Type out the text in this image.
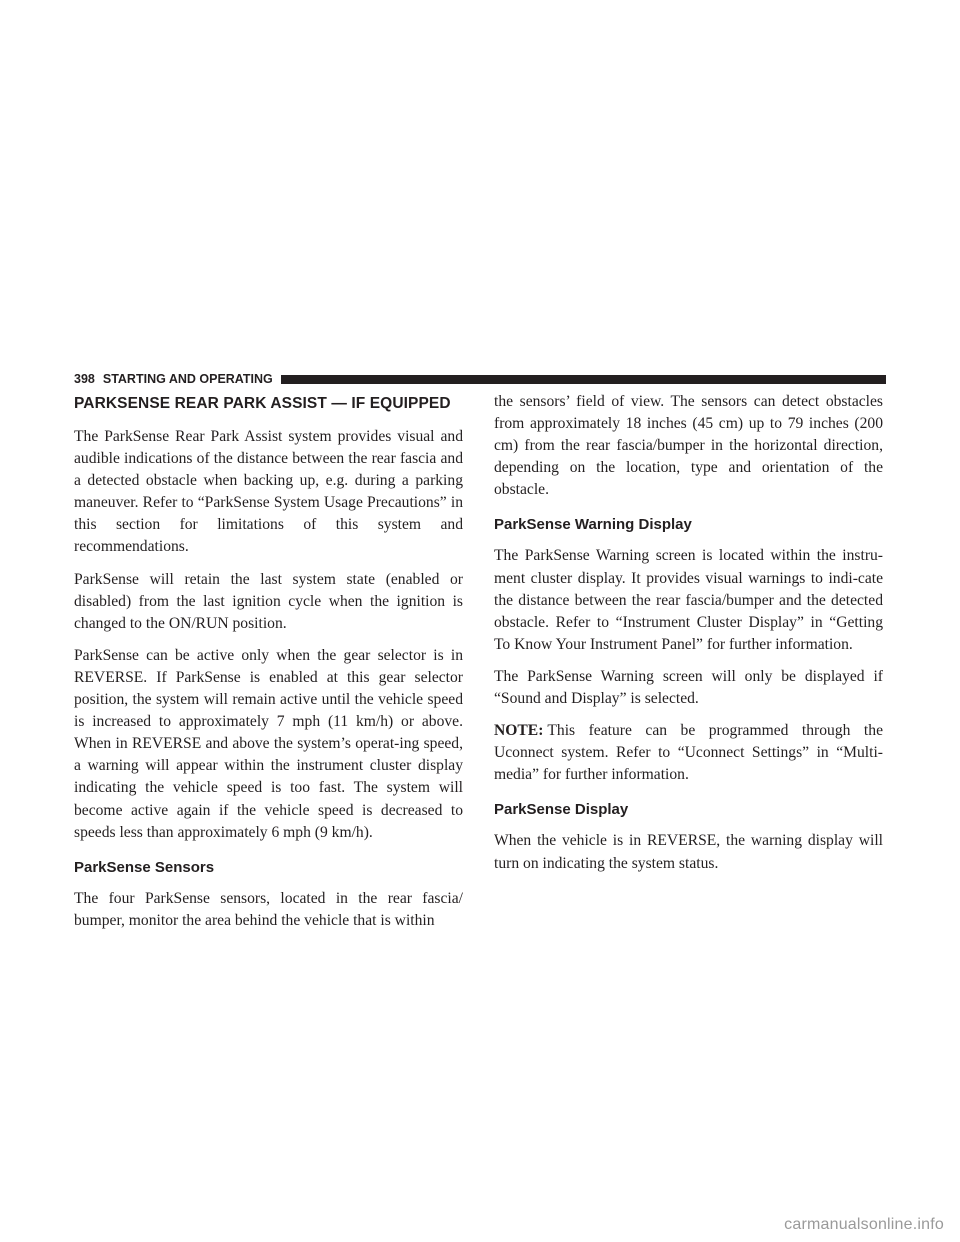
398 STARTING AND OPERATING
PARKSENSE REAR PARK ASSIST — IF EQUIPPED

The ParkSense Rear Park Assist system provides visual and audible indications of the distance between the rear fascia and a detected obstacle when backing up, e.g. during a parking maneuver. Refer to “ParkSense System Usage Precautions” in this section for limitations of this system and recommendations.

ParkSense will retain the last system state (enabled or disabled) from the last ignition cycle when the ignition is changed to the ON/RUN position.

ParkSense can be active only when the gear selector is in REVERSE. If ParkSense is enabled at this gear selector position, the system will remain active until the vehicle speed is increased to approximately 7 mph (11 km/h) or above. When in REVERSE and above the system’s operat-ing speed, a warning will appear within the instrument cluster display indicating the vehicle speed is too fast. The system will become active again if the vehicle speed is decreased to speeds less than approximately 6 mph (9 km/h).

ParkSense Sensors

The four ParkSense sensors, located in the rear fascia/ bumper, monitor the area behind the vehicle that is within

the sensors’ field of view. The sensors can detect obstacles from approximately 18 inches (45 cm) up to 79 inches (200 cm) from the rear fascia/bumper in the horizontal direction, depending on the location, type and orientation of the obstacle.

ParkSense Warning Display

The ParkSense Warning screen is located within the instru-ment cluster display. It provides visual warnings to indi-cate the distance between the rear fascia/bumper and the detected obstacle. Refer to “Instrument Cluster Display” in “Getting To Know Your Instrument Panel” for further information.

The ParkSense Warning screen will only be displayed if “Sound and Display” is selected.

NOTE: This feature can be programmed through the Uconnect system. Refer to “Uconnect Settings” in “Multi-media” for further information.

ParkSense Display

When the vehicle is in REVERSE, the warning display will turn on indicating the system status.

carmanualsonline.info
